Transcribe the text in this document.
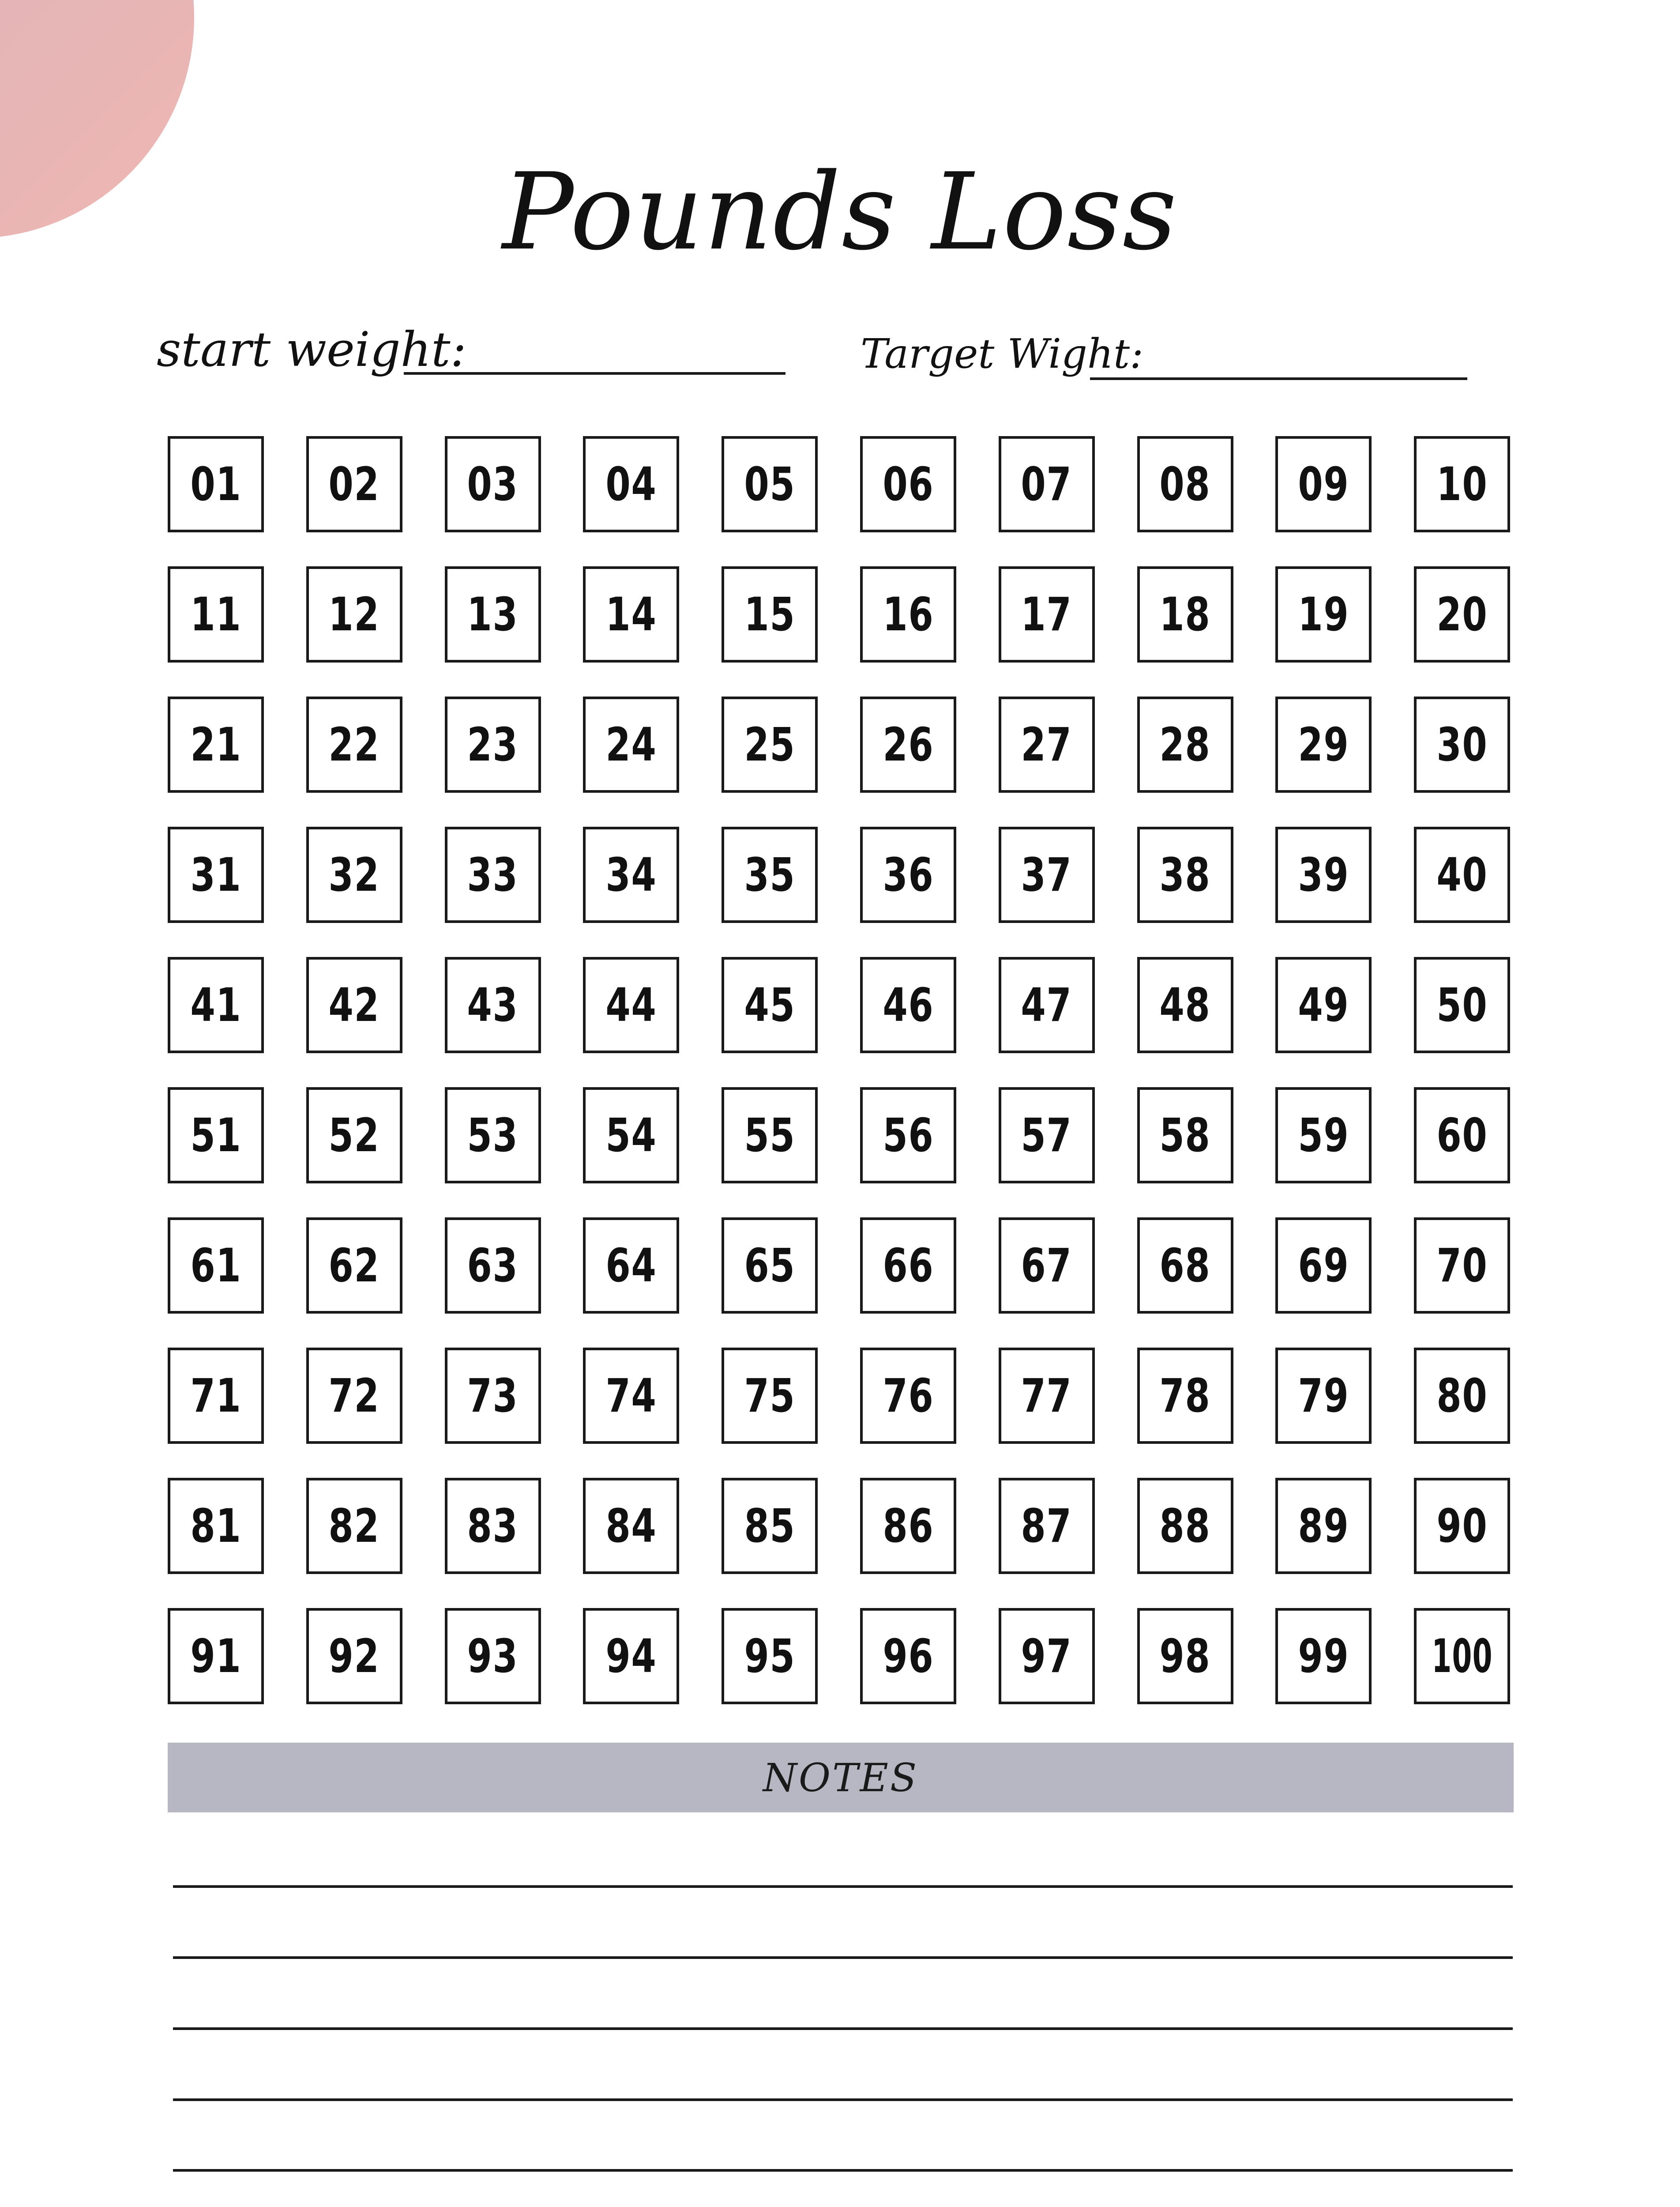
Pounds Loss
start weight:	Target Wight:
01 02 03 04 05 06 07 08 09 10
11 12 13 14 15 16 17 18 19 20
21 22 23 24 25 26 27 28 29 30
31 32 33 34 35 36 37 38 39 40
41 42 43 44 45 46 47 48 49 50
51 52 53 54 55 56 57 58 59 60
61 62 63 64 65 66 67 68 69 70
71 72 73 74 75 76 77 78 79 80
81 82 83 84 85 86 87 88 89 90
91 92 93 94 95 96 97 98 99 100
NOTES
